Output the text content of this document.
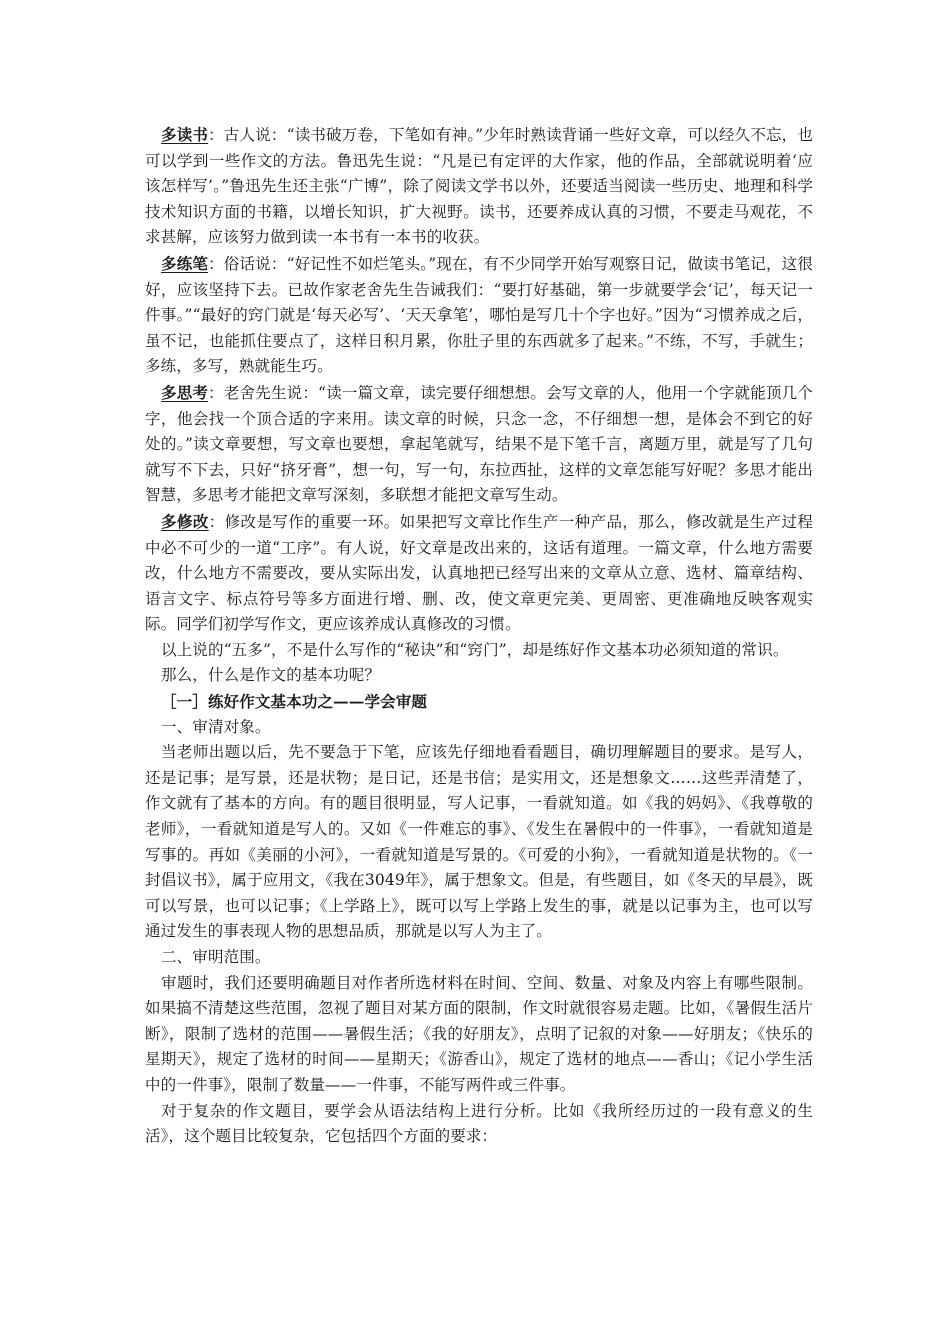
多读书：古人说：“读书破万卷，下笔如有神。”少年时熟读背诵一些好文章，可以经久不忘，也可以学到一些作文的方法。鲁迅先生说：“凡是已有定评的大作家，他的作品，全部就说明着‘应该怎样写’。”鲁迅先生还主张“广博”，除了阅读文学书以外，还要适当阅读一些历史、地理和科学技术知识方面的书籍，以增长知识，扩大视野。读书，还要养成认真的习惯，不要走马观花，不求甚解，应该努力做到读一本书有一本书的收获。

多练笔：俗话说：“好记性不如烂笔头。”现在，有不少同学开始写观察日记，做读书笔记，这很好，应该坚持下去。已故作家老舍先生告诫我们：“要打好基础，第一步就要学会‘记’，每天记一件事。”“最好的窍门就是‘每天必写’、‘天天拿笔’，哪怕是写几十个字也好。”因为“习惯养成之后，虽不记，也能抓住要点了，这样日积月累，你肚子里的东西就多了起来。”不练，不写，手就生；多练，多写，熟就能生巧。

多思考：老舍先生说：“读一篇文章，读完要仔细想想。会写文章的人，他用一个字就能顶几个字，他会找一个顶合适的字来用。读文章的时候，只念一念，不仔细想一想，是体会不到它的好处的。”读文章要想，写文章也要想，拿起笔就写，结果不是下笔千言，离题万里，就是写了几句就写不下去，只好“挤牙膏”，想一句，写一句，东拉西扯，这样的文章怎能写好呢？多思才能出智慧，多思考才能把文章写深刻，多联想才能把文章写生动。

多修改：修改是写作的重要一环。如果把写文章比作生产一种产品，那么，修改就是生产过程中必不可少的一道“工序”。有人说，好文章是改出来的，这话有道理。一篇文章，什么地方需要改，什么地方不需要改，要从实际出发，认真地把已经写出来的文章从立意、选材、篇章结构、语言文字、标点符号等多方面进行增、删、改，使文章更完美、更周密、更准确地反映客观实际。同学们初学写作文，更应该养成认真修改的习惯。

以上说的“五多”，不是什么写作的“秘诀”和“窍门”，却是练好作文基本功必须知道的常识。

那么，什么是作文的基本功呢？

［一］练好作文基本功之——学会审题

一、审清对象。

当老师出题以后，先不要急于下笔，应该先仔细地看看题目，确切理解题目的要求。是写人，还是记事；是写景，还是状物；是日记，还是书信；是实用文，还是想象文……这些弄清楚了，作文就有了基本的方向。有的题目很明显，写人记事，一看就知道。如《我的妈妈》、《我尊敬的老师》，一看就知道是写人的。又如《一件难忘的事》、《发生在暑假中的一件事》，一看就知道是写事的。再如《美丽的小河》，一看就知道是写景的。《可爱的小狗》，一看就知道是状物的。《一封倡议书》，属于应用文，《我在3049年》，属于想象文。但是，有些题目，如《冬天的早晨》，既可以写景，也可以记事；《上学路上》，既可以写上学路上发生的事，就是以记事为主，也可以写通过发生的事表现人物的思想品质，那就是以写人为主了。

二、审明范围。

审题时，我们还要明确题目对作者所选材料在时间、空间、数量、对象及内容上有哪些限制。如果搞不清楚这些范围，忽视了题目对某方面的限制，作文时就很容易走题。比如，《暑假生活片断》，限制了选材的范围——暑假生活；《我的好朋友》，点明了记叙的对象——好朋友；《快乐的星期天》，规定了选材的时间——星期天；《游香山》，规定了选材的地点——香山；《记小学生活中的一件事》，限制了数量——一件事，不能写两件或三件事。

对于复杂的作文题目，要学会从语法结构上进行分析。比如《我所经历过的一段有意义的生活》，这个题目比较复杂，它包括四个方面的要求：
